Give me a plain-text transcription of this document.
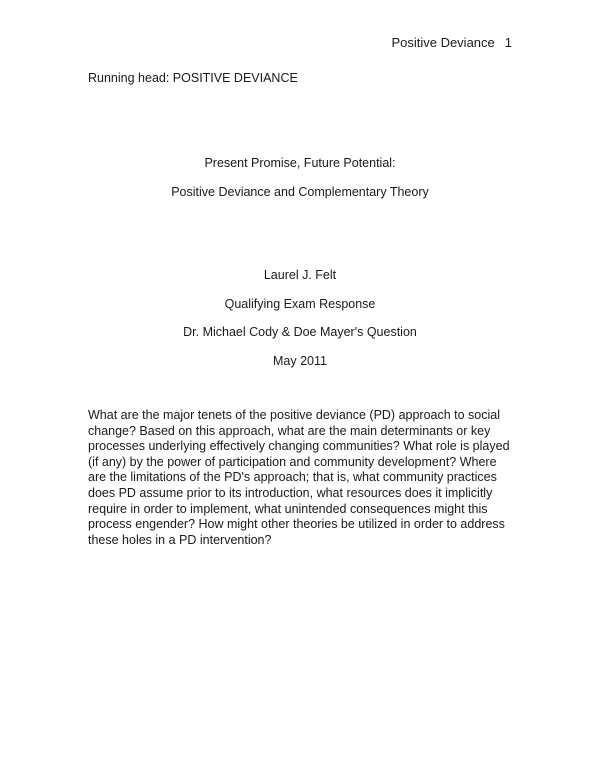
Positive Deviance 1
Running head: POSITIVE DEVIANCE
Present Promise, Future Potential:
Positive Deviance and Complementary Theory
Laurel J. Felt
Qualifying Exam Response
Dr. Michael Cody & Doe Mayer's Question
May 2011
What are the major tenets of the positive deviance (PD) approach to social change? Based on this approach, what are the main determinants or key processes underlying effectively changing communities? What role is played (if any) by the power of participation and community development? Where are the limitations of the PD's approach; that is, what community practices does PD assume prior to its introduction, what resources does it implicitly require in order to implement, what unintended consequences might this process engender? How might other theories be utilized in order to address these holes in a PD intervention?
